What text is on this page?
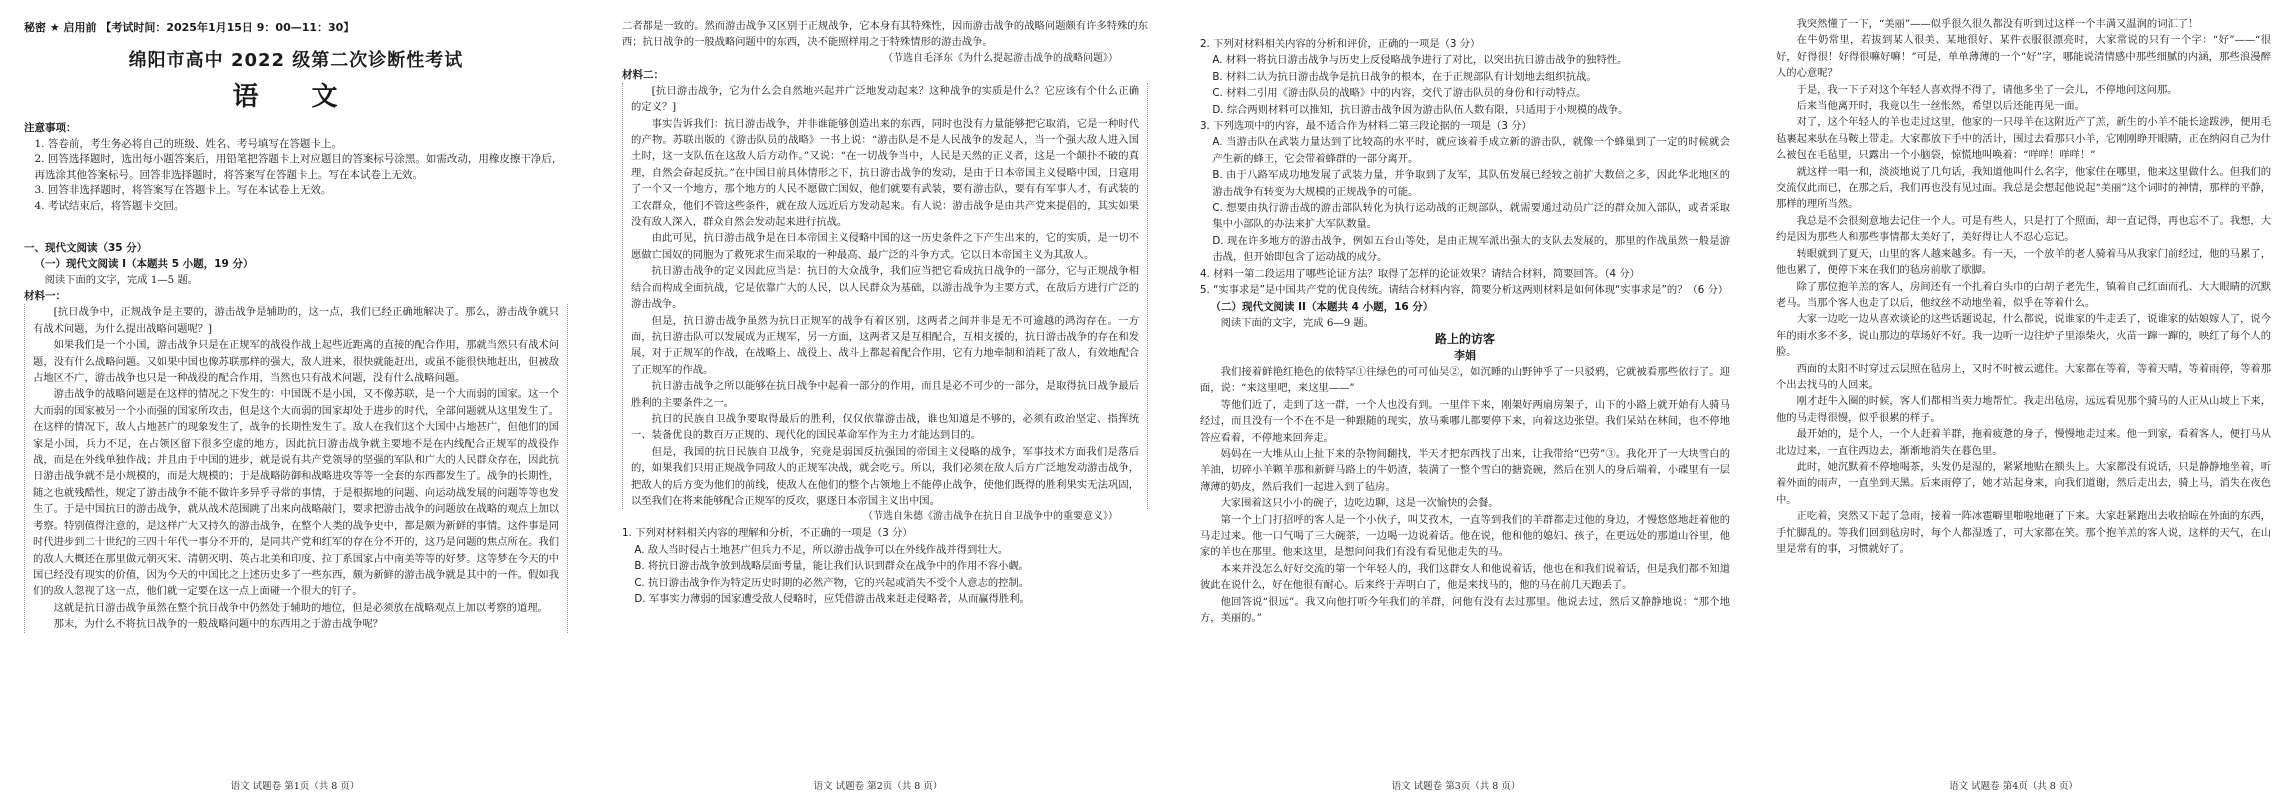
秘密 ★ 启用前 【考试时间：2025年1月15日 9：00—11：30】

绵阳市高中 2022 级第二次诊断性考试
语 文

注意事项：

1. 答卷前，考生务必将自己的班级、姓名、考号填写在答题卡上。

2. 回答选择题时，选出每小题答案后，用铅笔把答题卡上对应题目的答案标号涂黑。如需改动，用橡皮擦干净后，再选涂其他答案标号。回答非选择题时，将答案写在答题卡上。写在本试卷上无效。

3. 回答非选择题时，将答案写在答题卡上。写在本试卷上无效。

4. 考试结束后，将答题卡交回。

一、现代文阅读（35 分）

（一）现代文阅读 I（本题共 5 小题，19 分）

阅读下面的文字，完成 1—5 题。

材料一：

[抗日战争中，正规战争是主要的，游击战争是辅助的，这一点，我们已经正确地解决了。那么，游击战争就只有战术问题，为什么提出战略问题呢？]

如果我们是一个小国，游击战争只是在正规军的战役作战上起些近距离的直接的配合作用，那就当然只有战术问题，没有什么战略问题。又如果中国也像苏联那样的强大，敌人进来，很快就能赶出，或虽不能很快地赶出，但被敌占地区不广，游击战争也只是一种战役的配合作用，当然也只有战术问题，没有什么战略问题。

游击战争的战略问题是在这样的情况之下发生的：中国既不是小国，又不像苏联，是一个大而弱的国家。这一个大而弱的国家被另一个小而强的国家所攻击，但是这个大而弱的国家却处于进步的时代，全部问题就从这里发生了。在这样的情况下，敌人占地甚广的现象发生了，战争的长期性发生了。敌人在我们这个大国中占地甚广，但他们的国家是小国，兵力不足，在占领区留下很多空虚的地方，因此抗日游击战争就主要地不是在内线配合正规军的战役作战，而是在外线单独作战；并且由于中国的进步，就是说有共产党领导的坚强的军队和广大的人民群众存在，因此抗日游击战争就不是小规模的，而是大规模的；于是战略防御和战略进攻等等一全套的东西都发生了。战争的长期性，随之也就残酷性，规定了游击战争不能不做许多异乎寻常的事情，于是根据地的问题、向运动战发展的问题等等也发生了。于是中国抗日的游击战争，就从战术范围跳了出来向战略敲门，要求把游击战争的问题放在战略的观点上加以考察。特别值得注意的，是这样广大又持久的游击战争，在整个人类的战争史中，都是颇为新鲜的事情。这件事是同时代进步到二十世纪的三四十年代一事分不开的，是同共产党和红军的存在分不开的，这乃是问题的焦点所在。我们的敌人大概还在那里做元朝灭宋、清朝灭明、英占北美和印度、拉丁系国家占中南美等等的好梦。这等梦在今天的中国已经没有现实的价值，因为今天的中国比之上述历史多了一些东西，颇为新鲜的游击战争就是其中的一件。假如我们的敌人忽视了这一点，他们就一定要在这一点上面碰一个很大的钉子。

这就是抗日游击战争虽然在整个抗日战争中仍然处于辅助的地位，但是必须放在战略观点上加以考察的道理。

那末，为什么不将抗日战争的一般战略问题中的东西用之于游击战争呢？

语文 试题卷 第1页（共 8 页）

二者都是一致的。然而游击战争又区别于正规战争，它本身有其特殊性，因而游击战争的战略问题颇有许多特殊的东西；抗日战争的一般战略问题中的东西，决不能照样用之于特殊情形的游击战争。

（节选自毛泽东《为什么提起游击战争的战略问题》）

材料二：

[抗日游击战争，它为什么会自然地兴起并广泛地发动起来？这种战争的实质是什么？它应该有个什么正确的定义？]

事实告诉我们：抗日游击战争，并非谁能够创造出来的东西，同时也没有力量能够把它取消，它是一种时代的产物。苏联出版的《游击队员的战略》一书上说：“游击队是不是人民战争的发起人，当一个强大敌人进入国土时，这一支队伍在这敌人后方动作。”又说：“在一切战争当中，人民是天然的正义者，这是一个颠扑不破的真理，自然会奋起反抗。”在中国目前具体情形之下，抗日游击战争的发动，是由于日本帝国主义侵略中国，日寇用了一个又一个地方，那个地方的人民不愿做亡国奴，他们就要有武装，要有游击队，要有有军事人才，有武装的工农群众，他们不管这些条件，就在敌人远近后方发动起来。有人说：游击战争是由共产党来提倡的，其实如果没有敌人深入，群众自然会发动起来进行抗战。

由此可见，抗日游击战争是在日本帝国主义侵略中国的这一历史条件之下产生出来的，它的实质，是一切不愿做亡国奴的同胞为了救死求生而采取的一种最高、最广泛的斗争方式。它以日本帝国主义为其敌人。

抗日游击战争的定义因此应当是：抗日的大众战争，我们应当把它看成抗日战争的一部分，它与正规战争相结合而构成全面抗战，它是依靠广大的人民，以人民群众为基础，以游击战争为主要方式，在敌后方进行广泛的游击战争。

但是，抗日游击战争虽然为抗日正规军的战争有着区别，这两者之间并非是无不可逾越的鸿沟存在。一方面，抗日游击队可以发展成为正规军，另一方面，这两者又是互相配合，互相支援的，抗日游击战争的存在和发展，对于正规军的作战，在战略上、战役上、战斗上都起着配合作用，它有力地牵制和消耗了敌人，有效地配合了正规军的作战。

抗日游击战争之所以能够在抗日战争中起着一部分的作用，而且是必不可少的一部分，是取得抗日战争最后胜利的主要条件之一。

抗日的民族自卫战争要取得最后的胜利，仅仅依靠游击战，谁也知道是不够的，必须有政治坚定、指挥统一、装备优良的数百万正规的、现代化的国民革命军作为主力才能达到目的。

但是，我国的抗日民族自卫战争，究竟是弱国反抗强国的帝国主义侵略的战争，军事技术方面我们是落后的，如果我们只用正规战争同敌人的正规军决战，就会吃亏。所以，我们必须在敌人后方广泛地发动游击战争，把敌人的后方变为他们的前线，使敌人在他们的整个占领地上不能停止战争，使他们既得的胜利果实无法巩固，以至我们在将来能够配合正规军的反攻，驱逐日本帝国主义出中国。

（节选自朱德《游击战争在抗日自卫战争中的重要意义》）

1. 下列对材料相关内容的理解和分析，不正确的一项是（3 分）

A. 敌人当时侵占土地甚广但兵力不足，所以游击战争可以在外线作战并得到壮大。

B. 将抗日游击战争放到战略层面考量，能让我们认识到群众在战争中的作用不容小觑。

C. 抗日游击战争作为特定历史时期的必然产物，它的兴起或消失不受个人意志的控制。

D. 军事实力薄弱的国家遭受敌人侵略时，应凭借游击战来赶走侵略者，从而赢得胜利。

语文 试题卷 第2页（共 8 页）

2. 下列对材料相关内容的分析和评价，正确的一项是（3 分）

A. 材料一将抗日游击战争与历史上反侵略战争进行了对比，以突出抗日游击战争的独特性。

B. 材料二认为抗日游击战争是抗日战争的根本，在于正规部队有计划地去组织抗战。

C. 材料二引用《游击队员的战略》中的内容，交代了游击队员的身份和行动特点。

D. 综合两则材料可以推知，抗日游击战争因为游击队伍人数有限，只适用于小规模的战争。

3. 下列选项中的内容，最不适合作为材料二第三段论据的一项是（3 分）

A. 当游击队在武装力量达到了比较高的水平时，就应该着手成立新的游击队，就像一个蜂巢到了一定的时候就会产生新的蜂王，它会带着蜂群的一部分离开。

B. 由于八路军成功地发展了武装力量，并争取到了友军，其队伍发展已经较之前扩大数倍之多，因此华北地区的游击战争有转变为大规模的正规战争的可能。

C. 想要由执行游击战的游击部队转化为执行运动战的正规部队，就需要通过动员广泛的群众加入部队，或者采取集中小部队的办法来扩大军队数量。

D. 现在许多地方的游击战争，例如五台山等处，是由正规军派出强大的支队去发展的，那里的作战虽然一般是游击战，但开始即包含了运动战的成分。

4. 材料一第二段运用了哪些论证方法？取得了怎样的论证效果？请结合材料，简要回答。（4 分）

5. “实事求是”是中国共产党的优良传统。请结合材料内容，简要分析这两则材料是如何体现“实事求是”的？（6 分）

（二）现代文阅读 II（本题共 4 小题，16 分）

阅读下面的文字，完成 6—9 题。

路上的访客
李娟

我们接着鲜艳红艳色的依特罕①往绿色的可可仙吴②，如沉睡的山野钟乎了一只驳鸦，它就被看那些依行了。迎面，说：“来这里吧，来这里——”

等他们近了，走到了这一群，一个人也没有到。一里伴下来，刚架好两扇房架子，山下的小路上就开始有人骑马经过，而且没有一个不在不是一种跟随的现实，放马乘哪儿都要停下来，向着这边张望。我们呆站在林间，也不停地答应看着，不停地来回奔走。

妈妈在一大堆从山上扯下来的杂物间翻找，半天才把东西找了出来，让我带给“巴劳”③。我化开了一大块雪白的羊油，切碎小羊颗羊那和新鲜马路上的牛奶渣，装满了一整个雪白的搪瓷碗，然后在别人的身后端着，小碟里有一层薄薄的奶皮，然后我们一起进入到了毡房。

大家围着这只小小的碗子，边吃边聊，这是一次愉快的会餐。

第一个上门打招呼的客人是一个小伙子，叫艾孜木，一直等到我们的羊群都走过他的身边，才慢悠悠地赶着他的马走过来。他一口气喝了三大碗茶，一边喝一边说着话。他在说，他和他的媳妇、孩子，在更远处的那道山谷里，他家的羊也在那里。他来这里，是想问问我们有没有看见他走失的马。

本来并没怎么好好交流的第一个年轻人的，我们这群女人和他说着话，他也在和我们说着话，但是我们都不知道彼此在说什么，好在他很有耐心。后来终于弄明白了，他是来找马的，他的马在前几天跑丢了。

他回答说“很远”。我又向他打听今年我们的羊群，问他有没有去过那里。他说去过，然后又静静地说：“那个地方，美丽的。”

语文 试题卷 第3页（共 8 页）

我突然懂了一下，“美丽”——似乎很久很久都没有听到过这样一个丰满又温润的词汇了！

在牛奶常里，若拔到某人很美、某地很好、某件衣服很漂亮时，大家常说的只有一个字：“好”——“很好，好得很！好得很嘛好嘛！”可是，单单薄薄的一个“好”字，哪能说清情感中那些细腻的内涵，那些浪漫醉人的心意呢？

于是，我一下子对这个年轻人喜欢得不得了，请他多坐了一会儿，不停地问这问那。

后来当他离开时，我竟以生一丝怅然，希望以后还能再见一面。

对了，这个年轻人的羊也走过这里，他家的一只母羊在这附近产了羔，新生的小羊不能长途跋涉，便用毛毡裹起来驮在马鞍上带走。大家都放下手中的活计，围过去看那只小羊，它刚刚睁开眼睛，正在纳闷自己为什么被包在毛毡里，只露出一个小脑袋，惊慌地叫唤着：“咩咩！咩咩！”

就这样一唱一和，淡淡地说了几句话，我知道他叫什么名字，他家住在哪里，他来这里做什么。但我们的交流仅此而已，在那之后，我们再也没有见过面。我总是会想起他说起“美丽”这个词时的神情，那样的平静，那样的理所当然。

我总是不会很刻意地去记住一个人。可是有些人，只是打了个照面，却一直记得，再也忘不了。我想，大约是因为那些人和那些事情都太美好了，美好得让人不忍心忘记。

转眼就到了夏天，山里的客人越来越多。有一天，一个放羊的老人骑着马从我家门前经过，他的马累了，他也累了，便停下来在我们的毡房前歇了歇脚。

除了那位抱羊羔的客人，房间还有一个扎着白头巾的白胡子老先生，镇着自己红面而孔、大大眼睛的沉默老马。当那个客人也走了以后，他纹丝不动地坐着，似乎在等着什么。

大家一边吃一边从喜欢谈论的这些话题说起，什么都说，说谁家的牛走丢了，说谁家的姑娘嫁人了，说今年的雨水多不多，说山那边的草场好不好。我一边听一边往炉子里添柴火，火苗一蹿一蹿的，映红了每个人的脸。

西面的太阳不时穿过云层照在毡房上，又时不时被云遮住。大家都在等着，等着天晴，等着雨停，等着那个出去找马的人回来。

刚才赶牛入圈的时候，客人们都相当卖力地帮忙。我走出毡房，远远看见那个骑马的人正从山坡上下来，他的马走得很慢，似乎很累的样子。

最开始的，是个人，一个人赶着羊群，拖着疲惫的身子，慢慢地走过来。他一到家，看着客人，便打马从北边过来，一直往西边去，渐渐地消失在暮色里。

此时，她沉默着不停地喝茶，头发仍是湿的，紧紧地贴在额头上。大家都没有说话，只是静静地坐着，听着外面的雨声，一直坐到天黑。后来雨停了，她才站起身来，向我们道谢，然后走出去，骑上马，消失在夜色中。

正吃着，突然又下起了急雨，接着一阵冰雹噼里啪啦地砸了下来。大家赶紧跑出去收拾晾在外面的东西，手忙脚乱的。等我们回到毡房时，每个人都湿透了，可大家都在笑。那个抱羊羔的客人说，这样的天气，在山里是常有的事，习惯就好了。

语文 试题卷 第4页（共 8 页）
